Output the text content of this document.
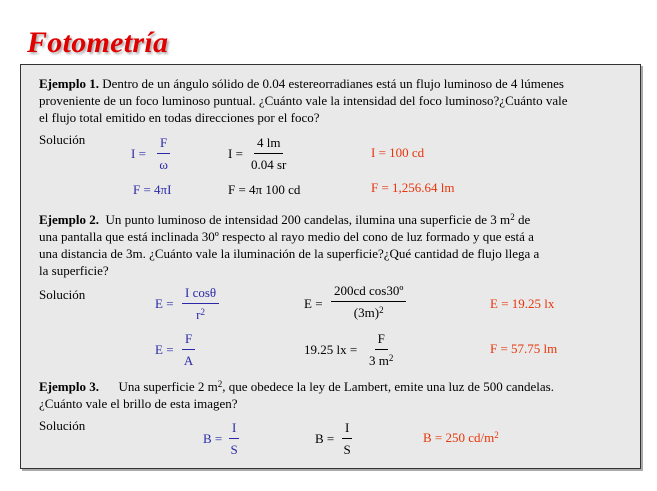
Fotometría
Ejemplo 1. Dentro de un ángulo sólido de 0.04 estereorradianes está un flujo luminoso de 4 lúmenes
proveniente de un foco luminoso puntual. ¿Cuánto vale la intensidad del foco luminoso?¿Cuánto vale
el flujo total emitido en todas direcciones por el foco?
Solución
$I = \frac{F}{\omega}$	$I = \frac{4 lm}{0.04 sr}$	I = 100 cd
F = 4πI	F = 4π 100 cd	F = 1,256.64 lm
Ejemplo 2. Un punto luminoso de intensidad 200 candelas, ilumina una superficie de 3 $m^2$ de
una pantalla que está inclinada 30º respecto al rayo medio del cono de luz formado y que está a
una distancia de 3m. ¿Cuánto vale la iluminación de la superficie?¿Qué cantidad de flujo llega a
la superficie?
Solución
$E = \frac{\text{I cosθ}}{r^2}$	$E = \frac{\text{200cd cos30º}}{(3m)^2}$	E = 19.25 lx
$E = \frac{F}{A}$	19.25 lx = $\frac{F}{3 m^2}$	F = 57.75 lm
Ejemplo 3. Una superficie 2 $m^2$, que obedece la ley de Lambert, emite una luz de 500 candelas.
¿Cuánto vale el brillo de esta imagen?
Solución
$B = \frac{I}{S}$	$B = \frac{I}{S}$	B = 250 $cd/m^2$
